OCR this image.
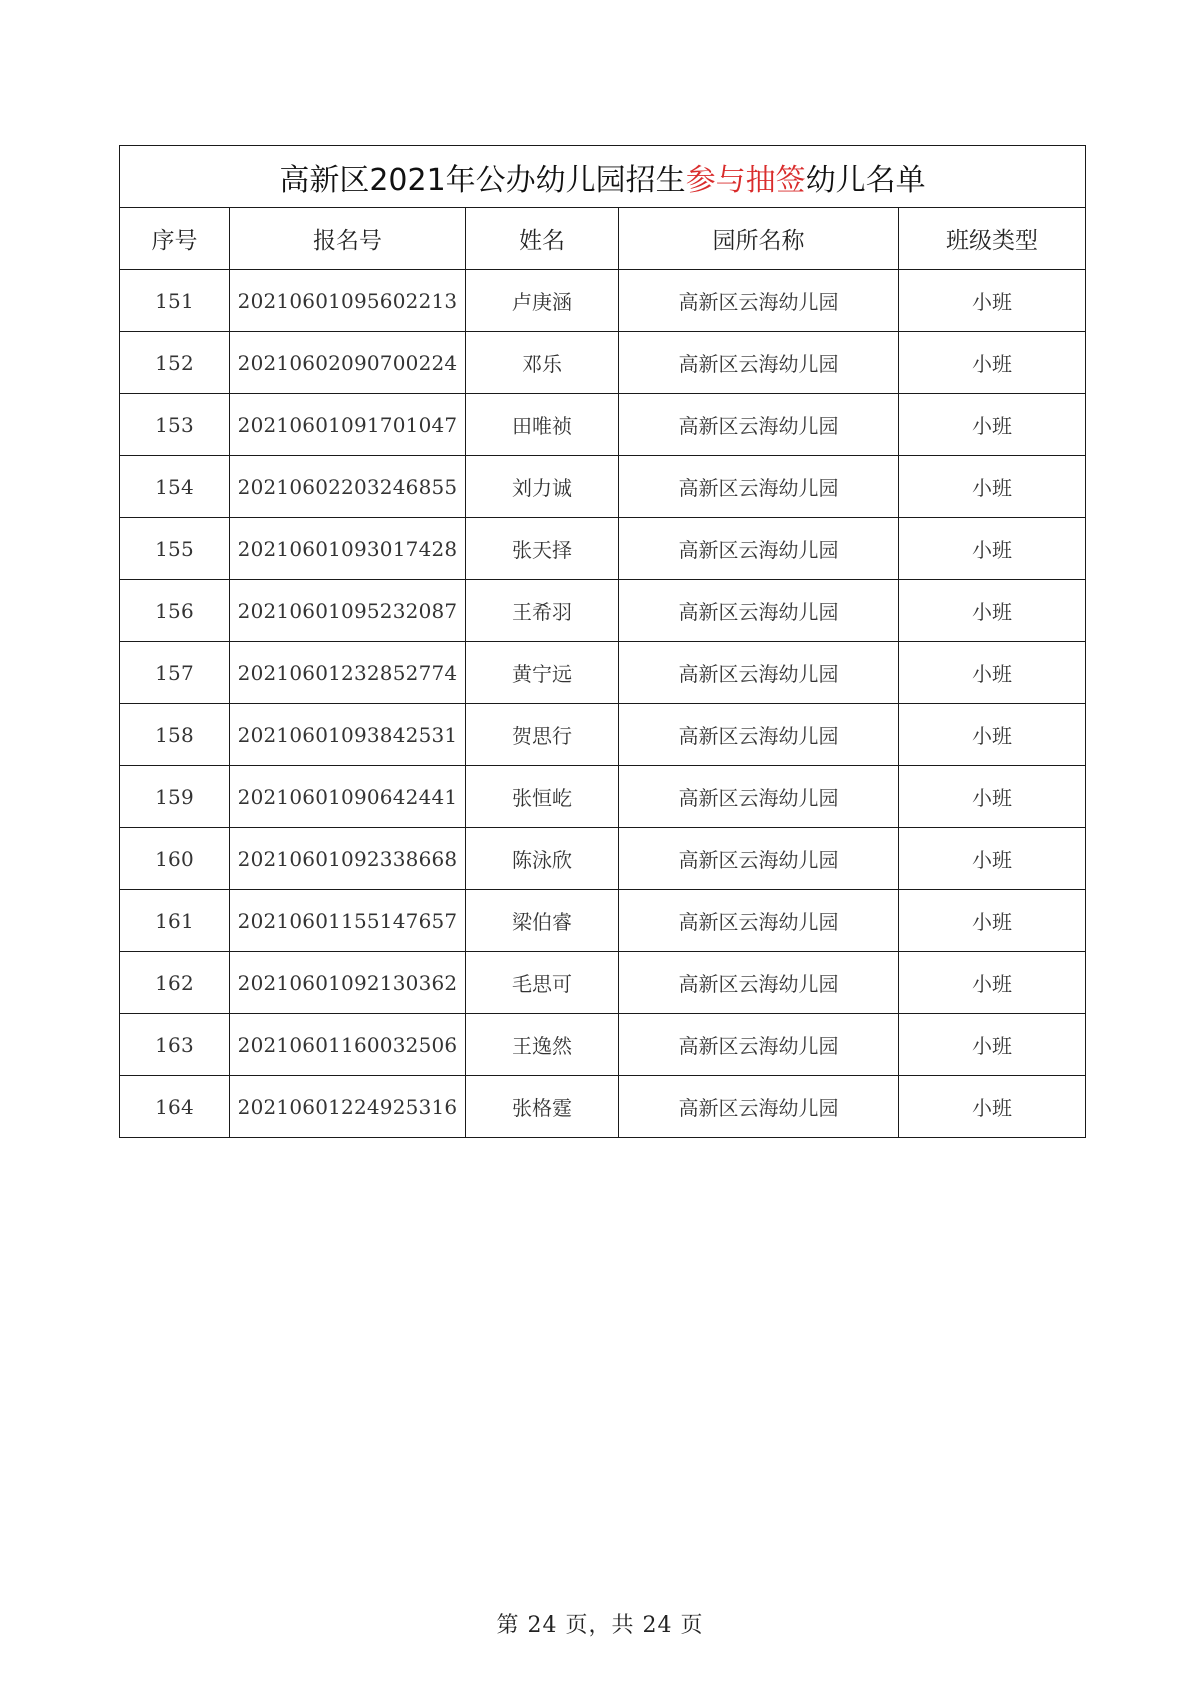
高新区2021年公办幼儿园招生参与抽签幼儿名单				
序号	报名号	姓名	园所名称	班级类型
151	20210601095602213	卢庚涵	高新区云海幼儿园	小班
152	20210602090700224	邓乐	高新区云海幼儿园	小班
153	20210601091701047	田唯祯	高新区云海幼儿园	小班
154	20210602203246855	刘力诚	高新区云海幼儿园	小班
155	20210601093017428	张天择	高新区云海幼儿园	小班
156	20210601095232087	王希羽	高新区云海幼儿园	小班
157	20210601232852774	黄宁远	高新区云海幼儿园	小班
158	20210601093842531	贺思行	高新区云海幼儿园	小班
159	20210601090642441	张恒屹	高新区云海幼儿园	小班
160	20210601092338668	陈泳欣	高新区云海幼儿园	小班
161	20210601155147657	梁伯睿	高新区云海幼儿园	小班
162	20210601092130362	毛思可	高新区云海幼儿园	小班
163	20210601160032506	王逸然	高新区云海幼儿园	小班
164	20210601224925316	张格霆	高新区云海幼儿园	小班
第 24 页，共 24 页
